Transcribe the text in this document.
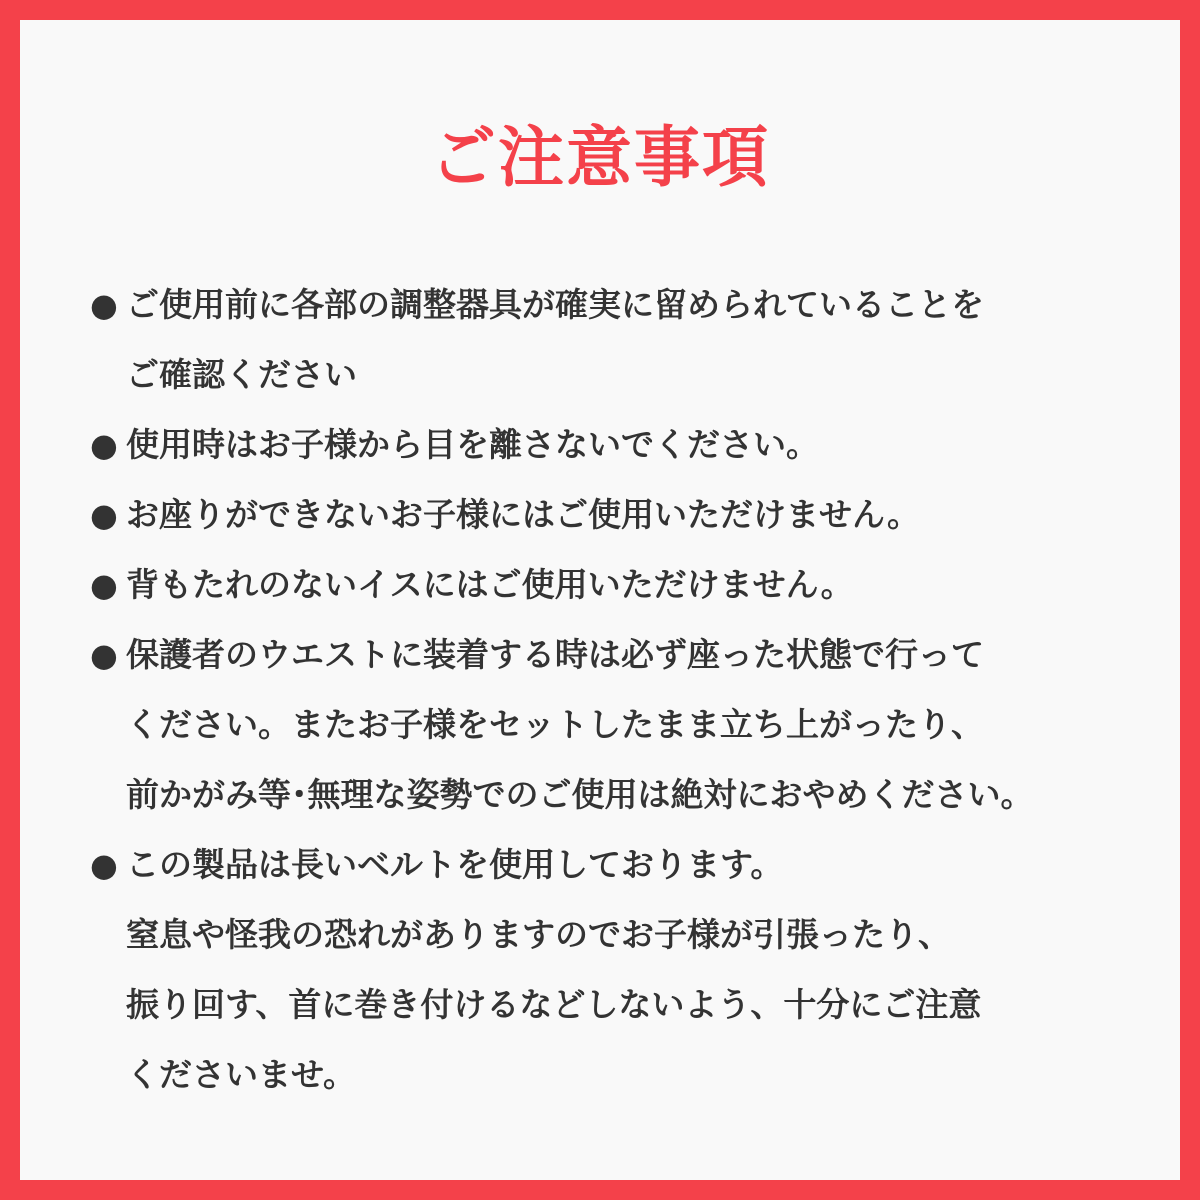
ご注意事項
● ご使用前に各部の調整器具が確実に留められていることを
ご確認ください
● 使用時はお子様から目を離さないでください。
● お座りができないお子様にはご使用いただけません。
● 背もたれのないイスにはご使用いただけません。
● 保護者のウエストに装着する時は必ず座った状態で行って
ください。またお子様をセットしたまま立ち上がったり、
前かがみ等･無理な姿勢でのご使用は絶対におやめください。
● この製品は長いベルトを使用しております。
窒息や怪我の恐れがありますのでお子様が引張ったり、
振り回す、首に巻き付けるなどしないよう、十分にご注意
くださいませ。
